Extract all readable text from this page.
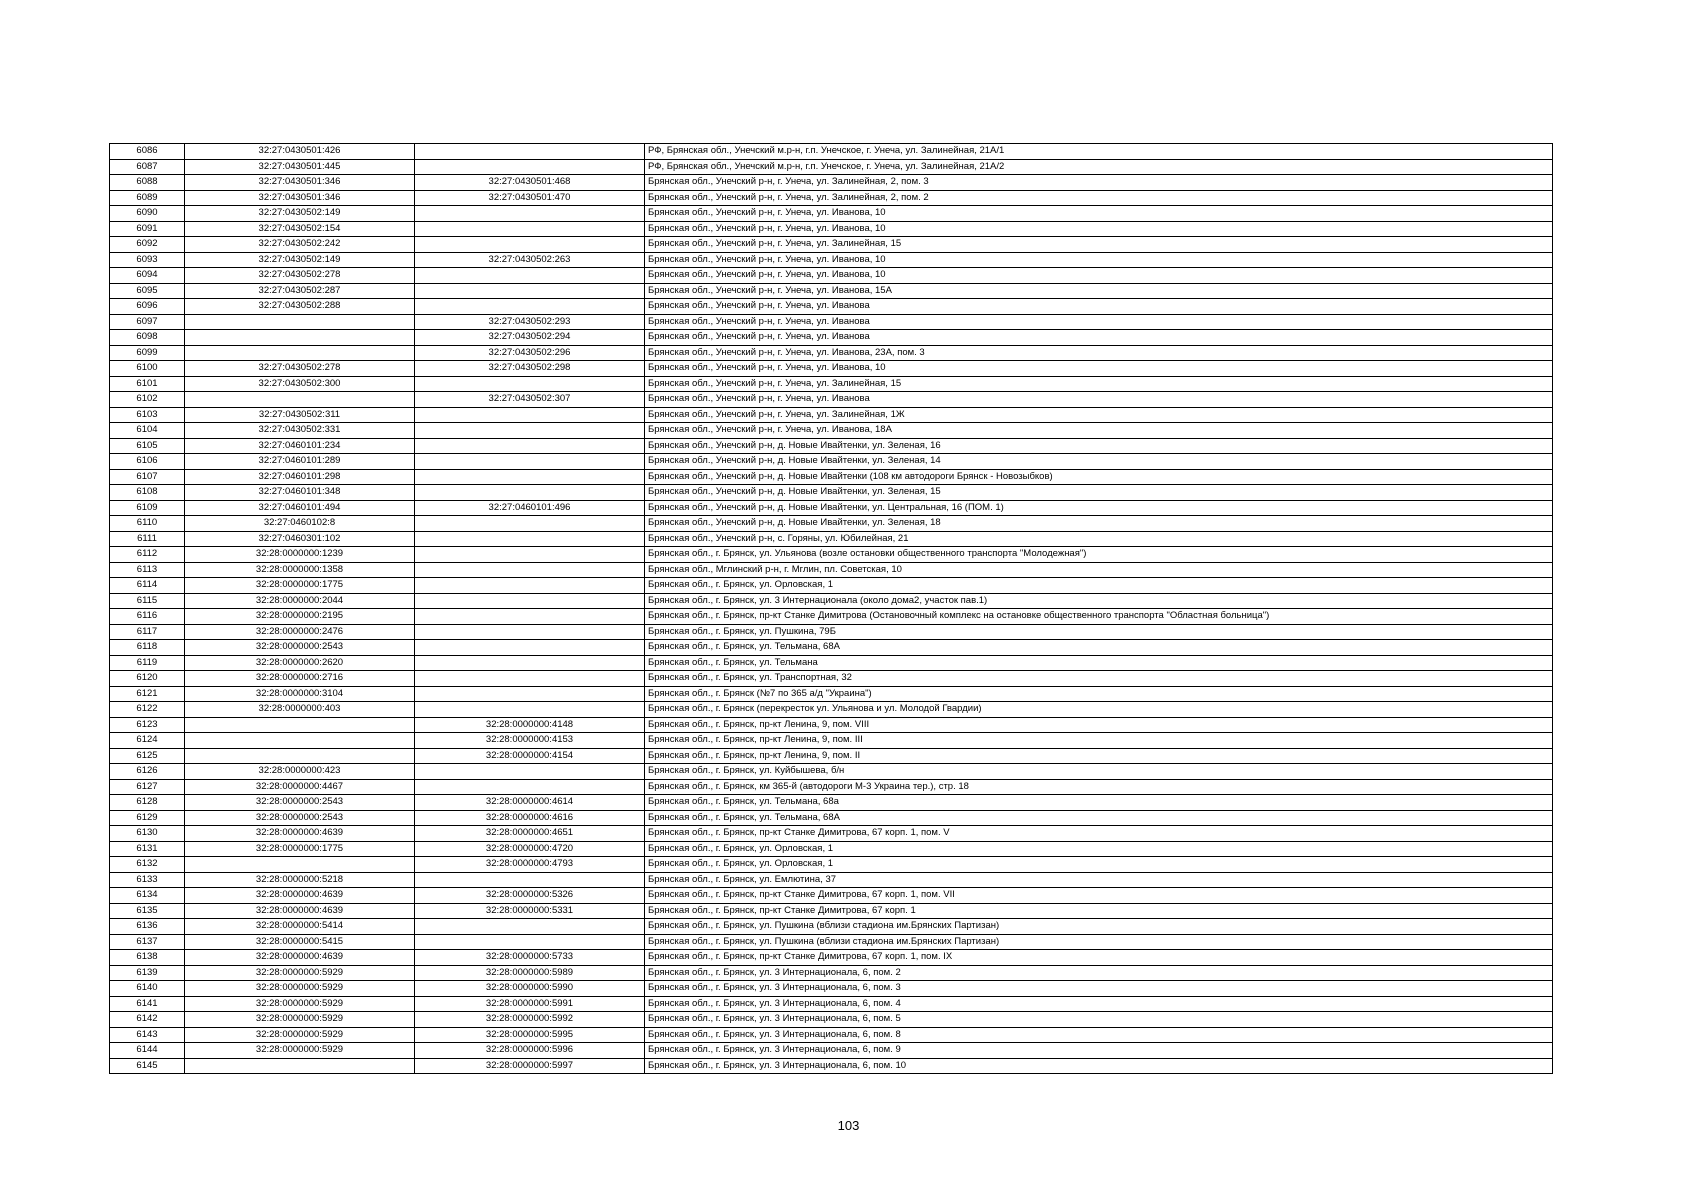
6086	32:27:0430501:426		РФ, Брянская обл., Унечский м.р-н, г.п. Унечское, г. Унеча, ул. Залинейная, 21А/1
6087	32:27:0430501:445		РФ, Брянская обл., Унечский м.р-н, г.п. Унечское, г. Унеча, ул. Залинейная, 21А/2
6088	32:27:0430501:346	32:27:0430501:468	Брянская обл., Унечский р-н, г. Унеча, ул. Залинейная, 2, пом. 3
6089	32:27:0430501:346	32:27:0430501:470	Брянская обл., Унечский р-н, г. Унеча, ул. Залинейная, 2, пом. 2
6090	32:27:0430502:149		Брянская обл., Унечский р-н, г. Унеча, ул. Иванова, 10
6091	32:27:0430502:154		Брянская обл., Унечский р-н, г. Унеча, ул. Иванова, 10
6092	32:27:0430502:242		Брянская обл., Унечский р-н, г. Унеча, ул. Залинейная, 15
6093	32:27:0430502:149	32:27:0430502:263	Брянская обл., Унечский р-н, г. Унеча, ул. Иванова, 10
6094	32:27:0430502:278		Брянская обл., Унечский р-н, г. Унеча, ул. Иванова, 10
6095	32:27:0430502:287		Брянская обл., Унечский р-н, г. Унеча, ул. Иванова, 15А
6096	32:27:0430502:288		Брянская обл., Унечский р-н, г. Унеча, ул. Иванова
6097		32:27:0430502:293	Брянская обл., Унечский р-н, г. Унеча, ул. Иванова
6098		32:27:0430502:294	Брянская обл., Унечский р-н, г. Унеча, ул. Иванова
6099		32:27:0430502:296	Брянская обл., Унечский р-н, г. Унеча, ул. Иванова, 23А, пом. 3
6100	32:27:0430502:278	32:27:0430502:298	Брянская обл., Унечский р-н, г. Унеча, ул. Иванова, 10
6101	32:27:0430502:300		Брянская обл., Унечский р-н, г. Унеча, ул. Залинейная, 15
6102		32:27:0430502:307	Брянская обл., Унечский р-н, г. Унеча, ул. Иванова
6103	32:27:0430502:311		Брянская обл., Унечский р-н, г. Унеча, ул. Залинейная, 1Ж
6104	32:27:0430502:331		Брянская обл., Унечский р-н, г. Унеча, ул. Иванова, 18А
6105	32:27:0460101:234		Брянская обл., Унечский р-н, д. Новые Ивайтенки, ул. Зеленая, 16
6106	32:27:0460101:289		Брянская обл., Унечский р-н, д. Новые Ивайтенки, ул. Зеленая, 14
6107	32:27:0460101:298		Брянская обл., Унечский р-н, д. Новые Ивайтенки (108 км автодороги Брянск - Новозыбков)
6108	32:27:0460101:348		Брянская обл., Унечский р-н, д. Новые Ивайтенки, ул. Зеленая, 15
6109	32:27:0460101:494	32:27:0460101:496	Брянская обл., Унечский р-н, д. Новые Ивайтенки, ул. Центральная, 16 (ПОМ. 1)
6110	32:27:0460102:8		Брянская обл., Унечский р-н, д. Новые Ивайтенки, ул. Зеленая, 18
6111	32:27:0460301:102		Брянская обл., Унечский р-н, с. Горяны, ул. Юбилейная, 21
6112	32:28:0000000:1239		Брянская обл., г. Брянск, ул. Ульянова (возле остановки общественного транспорта "Молодежная")
6113	32:28:0000000:1358		Брянская обл., Мглинский р-н, г. Мглин, пл. Советская, 10
6114	32:28:0000000:1775		Брянская обл., г. Брянск, ул. Орловская, 1
6115	32:28:0000000:2044		Брянская обл., г. Брянск, ул. 3 Интернационала (около дома2, участок пав.1)
6116	32:28:0000000:2195		Брянская обл., г. Брянск, пр-кт Станке Димитрова (Остановочный комплекс на остановке общественного транспорта "Областная больница")
6117	32:28:0000000:2476		Брянская обл., г. Брянск, ул. Пушкина, 79Б
6118	32:28:0000000:2543		Брянская обл., г. Брянск, ул. Тельмана, 68А
6119	32:28:0000000:2620		Брянская обл., г. Брянск, ул. Тельмана
6120	32:28:0000000:2716		Брянская обл., г. Брянск, ул. Транспортная, 32
6121	32:28:0000000:3104		Брянская обл., г. Брянск (№7 по 365 а/д "Украина")
6122	32:28:0000000:403		Брянская обл., г. Брянск (перекресток ул. Ульянова и ул. Молодой Гвардии)
6123		32:28:0000000:4148	Брянская обл., г. Брянск, пр-кт Ленина, 9, пом. VIII
6124		32:28:0000000:4153	Брянская обл., г. Брянск, пр-кт Ленина, 9, пом. III
6125		32:28:0000000:4154	Брянская обл., г. Брянск, пр-кт Ленина, 9, пом. II
6126	32:28:0000000:423		Брянская обл., г. Брянск, ул. Куйбышева, б/н
6127	32:28:0000000:4467		Брянская обл., г. Брянск, км 365-й (автодороги М-3 Украина тер.), стр. 18
6128	32:28:0000000:2543	32:28:0000000:4614	Брянская обл., г. Брянск, ул. Тельмана, 68а
6129	32:28:0000000:2543	32:28:0000000:4616	Брянская обл., г. Брянск, ул. Тельмана, 68А
6130	32:28:0000000:4639	32:28:0000000:4651	Брянская обл., г. Брянск, пр-кт Станке Димитрова, 67 корп. 1, пом. V
6131	32:28:0000000:1775	32:28:0000000:4720	Брянская обл., г. Брянск, ул. Орловская, 1
6132		32:28:0000000:4793	Брянская обл., г. Брянск, ул. Орловская, 1
6133	32:28:0000000:5218		Брянская обл., г. Брянск, ул. Емлютина, 37
6134	32:28:0000000:4639	32:28:0000000:5326	Брянская обл., г. Брянск, пр-кт Станке Димитрова, 67 корп. 1, пом. VII
6135	32:28:0000000:4639	32:28:0000000:5331	Брянская обл., г. Брянск, пр-кт Станке Димитрова, 67 корп. 1
6136	32:28:0000000:5414		Брянская обл., г. Брянск, ул. Пушкина (вблизи стадиона им.Брянских Партизан)
6137	32:28:0000000:5415		Брянская обл., г. Брянск, ул. Пушкина (вблизи стадиона им.Брянских Партизан)
6138	32:28:0000000:4639	32:28:0000000:5733	Брянская обл., г. Брянск, пр-кт Станке Димитрова, 67 корп. 1, пом. IX
6139	32:28:0000000:5929	32:28:0000000:5989	Брянская обл., г. Брянск, ул. 3 Интернационала, 6, пом. 2
6140	32:28:0000000:5929	32:28:0000000:5990	Брянская обл., г. Брянск, ул. 3 Интернационала, 6, пом. 3
6141	32:28:0000000:5929	32:28:0000000:5991	Брянская обл., г. Брянск, ул. 3 Интернационала, 6, пом. 4
6142	32:28:0000000:5929	32:28:0000000:5992	Брянская обл., г. Брянск, ул. 3 Интернационала, 6, пом. 5
6143	32:28:0000000:5929	32:28:0000000:5995	Брянская обл., г. Брянск, ул. 3 Интернационала, 6, пом. 8
6144	32:28:0000000:5929	32:28:0000000:5996	Брянская обл., г. Брянск, ул. 3 Интернационала, 6, пом. 9
6145		32:28:0000000:5997	Брянская обл., г. Брянск, ул. 3 Интернационала, 6, пом. 10
103
